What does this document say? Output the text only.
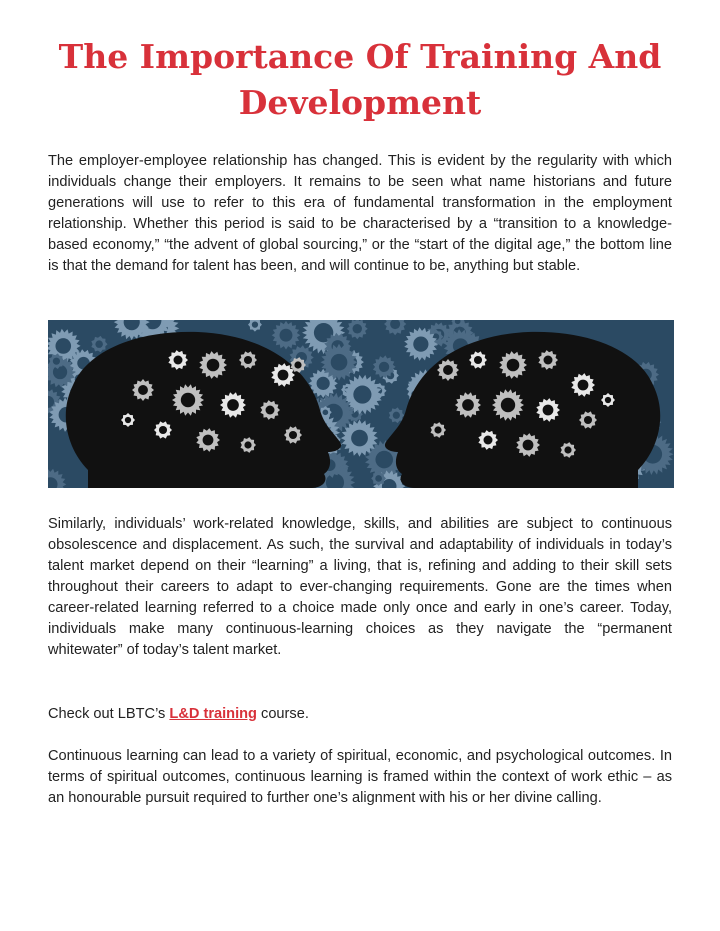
The Importance Of Training And Development

The employer-employee relationship has changed. This is evident by the regularity with which individuals change their employers. It remains to be seen what name historians and future generations will use to refer to this era of fundamental transformation in the employment relationship. Whether this period is said to be characterised by a “transition to a knowledge-based economy,” “the advent of global sourcing,” or the “start of the digital age,” the bottom line is that the demand for talent has been, and will continue to be, anything but stable.

Similarly, individuals’ work-related knowledge, skills, and abilities are subject to continuous obsolescence and displacement. As such, the survival and adaptability of individuals in today’s talent market depend on their “learning” a living, that is, refining and adding to their skill sets throughout their careers to adapt to ever-changing requirements. Gone are the times when career-related learning referred to a choice made only once and early in one’s career. Today, individuals make many continuous-learning choices as they navigate the “permanent whitewater” of today’s talent market.

Check out LBTC’s L&D training course.

Continuous learning can lead to a variety of spiritual, economic, and psychological outcomes. In terms of spiritual outcomes, continuous learning is framed within the context of work ethic – as an honourable pursuit required to further one’s alignment with his or her divine calling.
